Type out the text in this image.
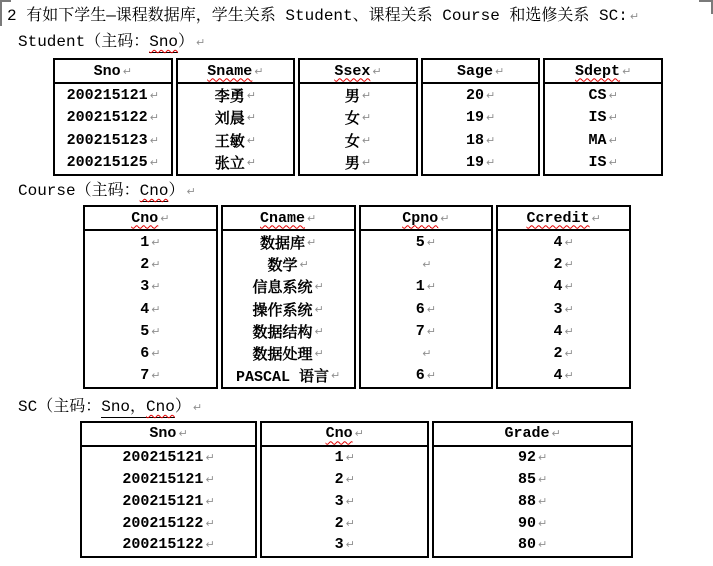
2 有如下学生—课程数据库，学生关系 Student、课程关系 Course 和选修关系 SC: ↵
Student（主码：Sno） ↵
Sno
↵
200215121
↵
200215122
↵
200215123
↵
200215125
↵
Sname
↵
李勇
↵
刘晨
↵
王敏
↵
张立
↵
Ssex
↵
男
↵
女
↵
女
↵
男
↵
Sage
↵
20
↵
19
↵
18
↵
19
↵
Sdept
↵
CS
↵
IS
↵
MA
↵
IS
↵
Course（主码：Cno） ↵
Cno
↵
1
↵
2
↵
3
↵
4
↵
5
↵
6
↵
7
↵
Cname
↵
数据库
↵
数学
↵
信息系统
↵
操作系统
↵
数据结构
↵
数据处理
↵
PASCAL 语言
↵
Cpno
↵
5
↵
↵
1
↵
6
↵
7
↵
↵
6
↵
Ccredit
↵
4
↵
2
↵
4
↵
3
↵
4
↵
2
↵
4
↵
SC（主码：Sno，Cno） ↵
Sno
↵
200215121
↵
200215121
↵
200215121
↵
200215122
↵
200215122
↵
Cno
↵
1
↵
2
↵
3
↵
2
↵
3
↵
Grade
↵
92
↵
85
↵
88
↵
90
↵
80
↵
